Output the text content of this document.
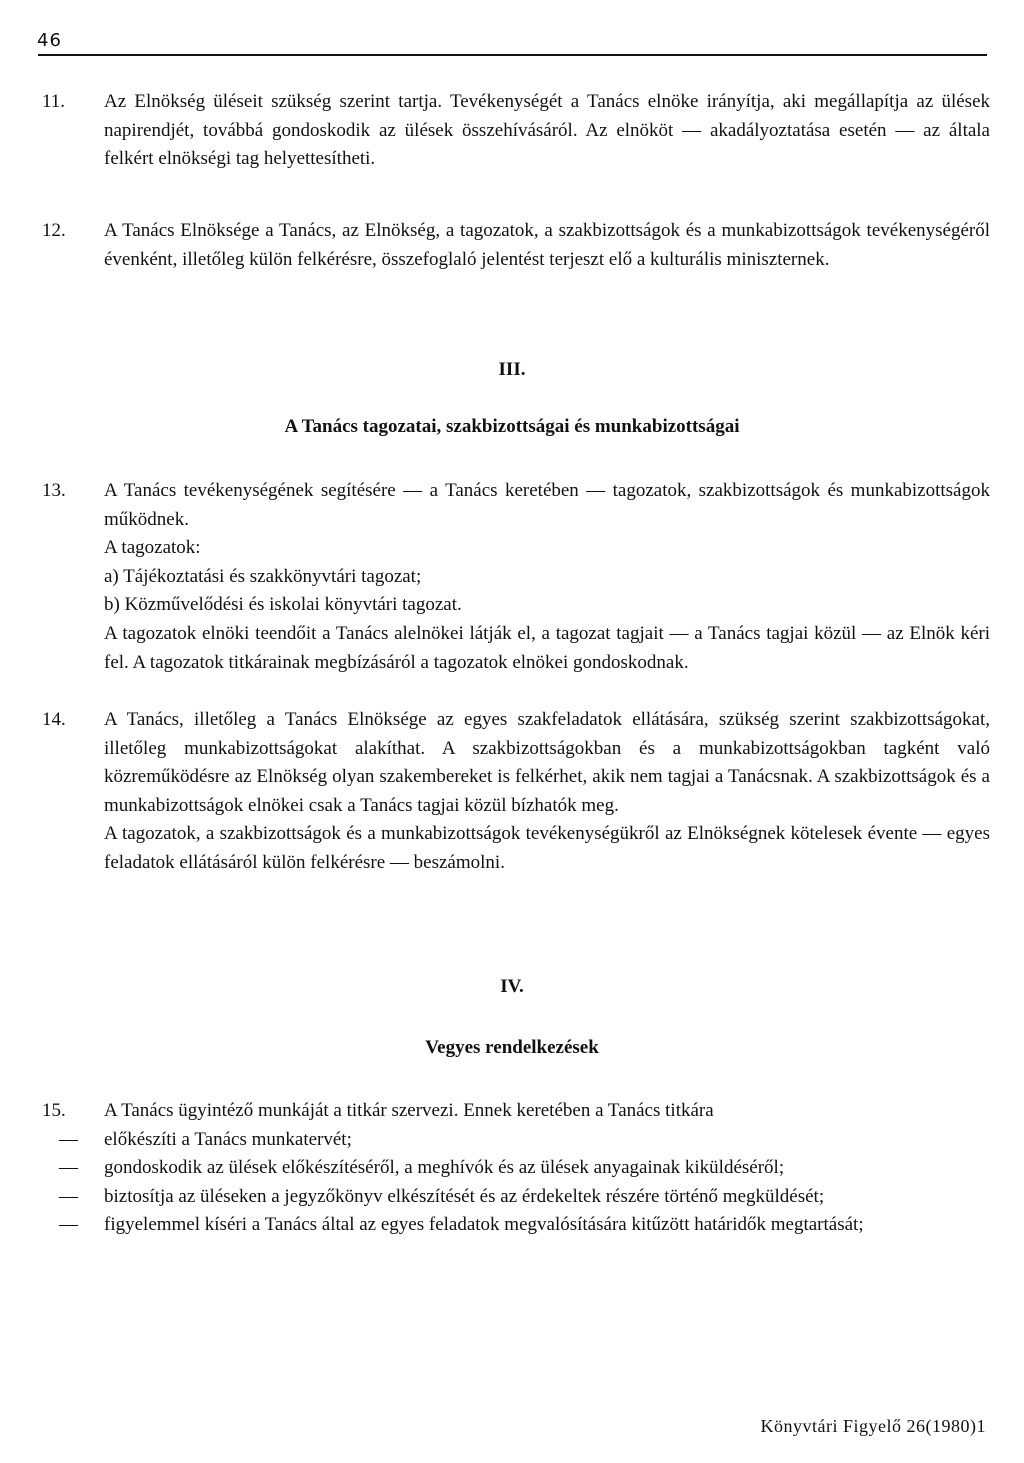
46
11. Az Elnökség üléseit szükség szerint tartja. Tevékenységét a Tanács elnöke irányítja, aki megállapítja az ülések napirendjét, továbbá gondoskodik az ülések összehívásáról. Az elnököt — akadályoztatása esetén — az általa felkért elnökségi tag helyettesítheti.

12. A Tanács Elnöksége a Tanács, az Elnökség, a tagozatok, a szakbizottságok és a munkabizottságok tevékenységéről évenként, illetőleg külön felkérésre, összefoglaló jelentést terjeszt elő a kulturális miniszternek.

III.
A Tanács tagozatai, szakbizottságai és munkabizottságai
13. A Tanács tevékenységének segítésére — a Tanács keretében — tagozatok, szakbizottságok és munkabizottságok működnek.

A tagozatok:

a) Tájékoztatási és szakkönyvtári tagozat;

b) Közművelődési és iskolai könyvtári tagozat.

A tagozatok elnöki teendőit a Tanács alelnökei látják el, a tagozat tagjait — a Tanács tagjai közül — az Elnök kéri fel. A tagozatok titkárainak megbízásáról a tagozatok elnökei gondoskodnak.

14. A Tanács, illetőleg a Tanács Elnöksége az egyes szakfeladatok ellátására, szükség szerint szakbizottságokat, illetőleg munkabizottságokat alakíthat. A szakbizottságokban és a munkabizottságokban tagként való közreműködésre az Elnökség olyan szakembereket is felkérhet, akik nem tagjai a Tanácsnak. A szakbizottságok és a munkabizottságok elnökei csak a Tanács tagjai közül bízhatók meg.

A tagozatok, a szakbizottságok és a munkabizottságok tevékenységükről az Elnökségnek kötelesek évente — egyes feladatok ellátásáról külön felkérésre — beszámolni.

IV.
Vegyes rendelkezések
15. A Tanács ügyintéző munkáját a titkár szervezi. Ennek keretében a Tanács titkára

— előkészíti a Tanács munkatervét;
— gondoskodik az ülések előkészítéséről, a meghívók és az ülések anyagainak kiküldéséről;
— biztosítja az üléseken a jegyzőkönyv elkészítését és az érdekeltek részére történő megküldését;
— figyelemmel kíséri a Tanács által az egyes feladatok megvalósítására kitűzött határidők megtartását;
Könyvtári Figyelő 26(1980)1
